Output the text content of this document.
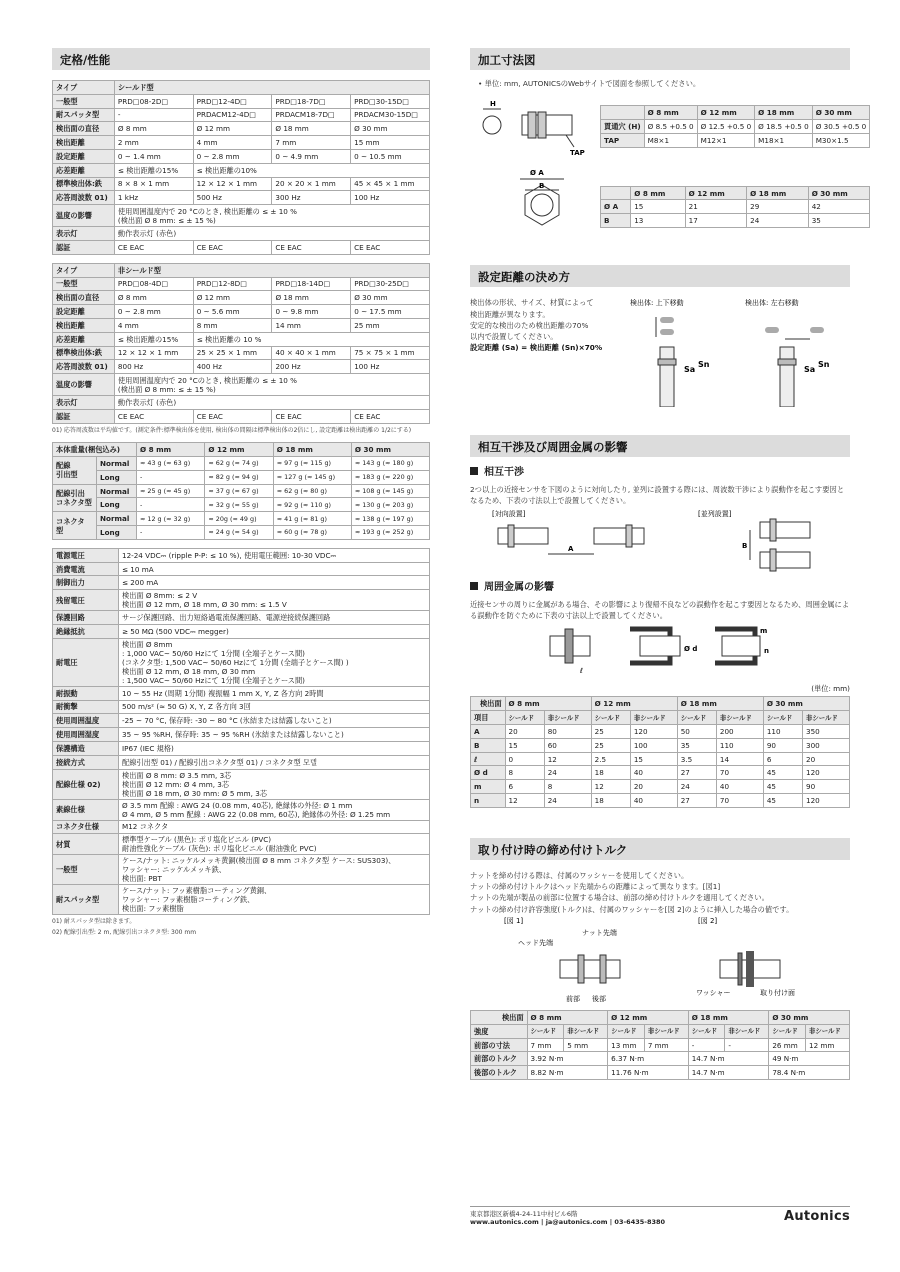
定格/性能
タイプ	シールド型			
一般型	PRD□08-2D□	PRD□12-4D□	PRD□18-7D□	PRD□30-15D□
耐スパッタ型	-	PRDACM12-4D□	PRDACM18-7D□	PRDACM30-15D□
検出面の直径	Ø 8 mm	Ø 12 mm	Ø 18 mm	Ø 30 mm
検出距離	2 mm	4 mm	7 mm	15 mm
設定距離	0 ~ 1.4 mm	0 ~ 2.8 mm	0 ~ 4.9 mm	0 ~ 10.5 mm
応差距離	≤ 検出距離の15%	≤ 検出距離の10%		
標準検出体:鉄	8 × 8 × 1 mm	12 × 12 × 1 mm	20 × 20 × 1 mm	45 × 45 × 1 mm
応答周波数 01)	1 kHz	500 Hz	300 Hz	100 Hz
温度の影響	使用周囲温度内で 20 °Cのとき, 検出距離の ≤ ± 10 %
(検出面 Ø 8 mm: ≤ ± 15 %)			
表示灯	動作表示灯 (赤色)			
認証	CE EAC	CE EAC	CE EAC	CE EAC
タイプ	非シールド型			
一般型	PRD□08-4D□	PRD□12-8D□	PRD□18-14D□	PRD□30-25D□
検出面の直径	Ø 8 mm	Ø 12 mm	Ø 18 mm	Ø 30 mm
設定距離	0 ~ 2.8 mm	0 ~ 5.6 mm	0 ~ 9.8 mm	0 ~ 17.5 mm
検出距離	4 mm	8 mm	14 mm	25 mm
応差距離	≤ 検出距離の15%	≤ 検出距離の 10 %		
標準検出体:鉄	12 × 12 × 1 mm	25 × 25 × 1 mm	40 × 40 × 1 mm	75 × 75 × 1 mm
応答周波数 01)	800 Hz	400 Hz	200 Hz	100 Hz
温度の影響	使用周囲温度内で 20 °Cのとき, 検出距離の ≤ ± 10 %
(検出面 Ø 8 mm: ≤ ± 15 %)			
表示灯	動作表示灯 (赤色)			
認証	CE EAC	CE EAC	CE EAC	CE EAC
01) 応答周波数は平均値です。(測定条件:標準検出体を使用, 検出体の間隔は標準検出体の2倍にし, 設定距離は検出距離の 1/2にする)
本体重量(梱包込み)		Ø 8 mm	Ø 12 mm	Ø 18 mm	Ø 30 mm
配線
引出型	Normal	≈ 43 g (≈ 63 g)	≈ 62 g (≈ 74 g)	≈ 97 g (≈ 115 g)	≈ 143 g (≈ 180 g)
	Long	-	≈ 82 g (≈ 94 g)	≈ 127 g (≈ 145 g)	≈ 183 g (≈ 220 g)
配線引出
コネクタ型	Normal	≈ 25 g (≈ 45 g)	≈ 37 g (≈ 67 g)	≈ 62 g (≈ 80 g)	≈ 108 g (≈ 145 g)
	Long	-	≈ 32 g (≈ 55 g)	≈ 92 g (≈ 110 g)	≈ 130 g (≈ 203 g)
コネクタ
型	Normal	≈ 12 g (≈ 32 g)	≈ 20g (≈ 49 g)	≈ 41 g (≈ 81 g)	≈ 138 g (≈ 197 g)
	Long	-	≈ 24 g (≈ 54 g)	≈ 60 g (≈ 78 g)	≈ 193 g (≈ 252 g)
電源電圧	12-24 VDC⎓ (ripple P-P: ≤ 10 %), 使用電圧範囲: 10-30 VDC⎓
消費電流	≤ 10 mA
制御出力	≤ 200 mA
残留電圧	検出面 Ø 8mm: ≤ 2 V
検出面 Ø 12 mm, Ø 18 mm, Ø 30 mm: ≤ 1.5 V
保護回路	サージ保護回路、出力短絡過電流保護回路、電源逆接続保護回路
絶縁抵抗	≥ 50 MΩ (500 VDC⎓ megger)
耐電圧	検出面 Ø 8mm
: 1,000 VAC~ 50/60 Hzにて 1分間 (全端子とケース間)
(コネクタ型: 1,500 VAC~ 50/60 Hzにて 1分間 (全端子とケース間) )
検出面 Ø 12 mm, Ø 18 mm, Ø 30 mm
: 1,500 VAC~ 50/60 Hzにて 1分間 (全端子とケース間)
耐振動	10 ~ 55 Hz (周期 1分間) 複振幅 1 mm X, Y, Z 各方向 2時間
耐衝撃	500 m/s² (≈ 50 G) X, Y, Z 各方向 3回
使用周囲温度	-25 ~ 70 °C, 保存時: -30 ~ 80 °C (氷結または結露しないこと)
使用周囲湿度	35 ~ 95 %RH, 保存時: 35 ~ 95 %RH (氷結または結露しないこと)
保護構造	IP67 (IEC 規格)
接続方式	配線引出型 01) / 配線引出コネクタ型 01) / コネクタ型 모델
配線仕様 02)	検出面 Ø 8 mm: Ø 3.5 mm, 3芯
検出面 Ø 12 mm: Ø 4 mm, 3芯
検出面 Ø 18 mm, Ø 30 mm: Ø 5 mm, 3芯
素線仕様	Ø 3.5 mm 配線 : AWG 24 (0.08 mm, 40芯), 絶縁体の外径: Ø 1 mm
Ø 4 mm, Ø 5 mm 配線 : AWG 22 (0.08 mm, 60芯), 絶縁体の外径: Ø 1.25 mm
コネクタ仕様	M12 コネクタ
材質	標準型ケーブル (黒色): ポリ塩化ビニル (PVC)
耐油性強化ケーブル (灰色): ポリ塩化ビニル (耐油強化 PVC)
一般型	ケース/ナット: ニッケルメッキ黄銅(検出面 Ø 8 mm コネクタ型 ケース: SUS303)、
ワッシャー: ニッケルメッキ鉄、
検出面: PBT
耐スパッタ型	ケース/ナット: フッ素樹脂コーティング黄銅、
ワッシャー: フッ素樹脂コーティング鉄、
検出面: フッ素樹脂
01) 耐スパッタ型は除きます。
02) 配線引出型: 2 m, 配線引出コネクタ型: 300 mm
加工寸法図
• 単位: mm, AUTONICSのWebサイトで図面を参照してください。
H
TAP
Ø A
B
	Ø 8 mm	Ø 12 mm	Ø 18 mm	Ø 30 mm
貫通穴 (H)	Ø 8.5 +0.5 0	Ø 12.5 +0.5 0	Ø 18.5 +0.5 0	Ø 30.5 +0.5 0
TAP	M8×1	M12×1	M18×1	M30×1.5
	Ø 8 mm	Ø 12 mm	Ø 18 mm	Ø 30 mm
Ø A	15	21	29	42
B	13	17	24	35
設定距離の決め方
検出体の形状、サイズ、材質によって
検出距離が異なります。
安定的な検出のため検出距離の70%
以内で設置してください。
設定距離 (Sa) = 検出距離 (Sn)×70%
検出体: 上下移動	検出体: 左右移動
Sa
Sn
Sa
Sn
相互干渉及び周囲金属の影響
相互干渉
2つ以上の近接センサを下図のように対向したり, 並列に設置する際には、周波数干渉により誤動作を起こす要因となるため、下表の寸法以上で設置してください。
[対向設置]	[並列設置]
A	B
周囲金属の影響
近接センサの周りに金属がある場合、その影響により復帰不良などの誤動作を起こす要因となるため、周囲金属による誤動作を防ぐために下表の寸法以上で設置してください。
ℓ
Ø d
m
n
(単位: mm)
検出面	Ø 8 mm		Ø 12 mm		Ø 18 mm		Ø 30 mm	
項目	シールド	非シールド	シールド	非シールド	シールド	非シールド	シールド	非シールド
A	20	80	25	120	50	200	110	350
B	15	60	25	100	35	110	90	300
ℓ	0	12	2.5	15	3.5	14	6	20
Ø d	8	24	18	40	27	70	45	120
m	6	8	12	20	24	40	45	90
n	12	24	18	40	27	70	45	120
取り付け時の締め付けトルク
ナットを締め付ける際は、付属のワッシャーを使用してください。
ナットの締め付けトルクはヘッド先端からの距離によって異なります。[図1]
ナットの先端が製品の前部に位置する場合は、前部の締め付けトルクを適用してください。
ナットの締め付け許容強度(トルク)は、付属のワッシャーを[図 2]のように挿入した場合の値です。
[図 1]	[図 2]
ヘッド先端
ナット先端
前部 後部
ワッシャー	取り付け面
検出面	Ø 8 mm		Ø 12 mm		Ø 18 mm		Ø 30 mm	
強度	シールド	非シールド	シールド	非シールド	シールド	非シールド	シールド	非シールド
前部の寸法	7 mm	5 mm	13 mm	7 mm	-	-	26 mm	12 mm
前部のトルク	3.92 N·m		6.37 N·m		14.7 N·m		49 N·m	
後部のトルク	8.82 N·m		11.76 N·m		14.7 N·m		78.4 N·m	
東京都港区新橋4-24-11中村ビル6階
www.autonics.com | ja@autonics.com | 03-6435-8380	Autonics
